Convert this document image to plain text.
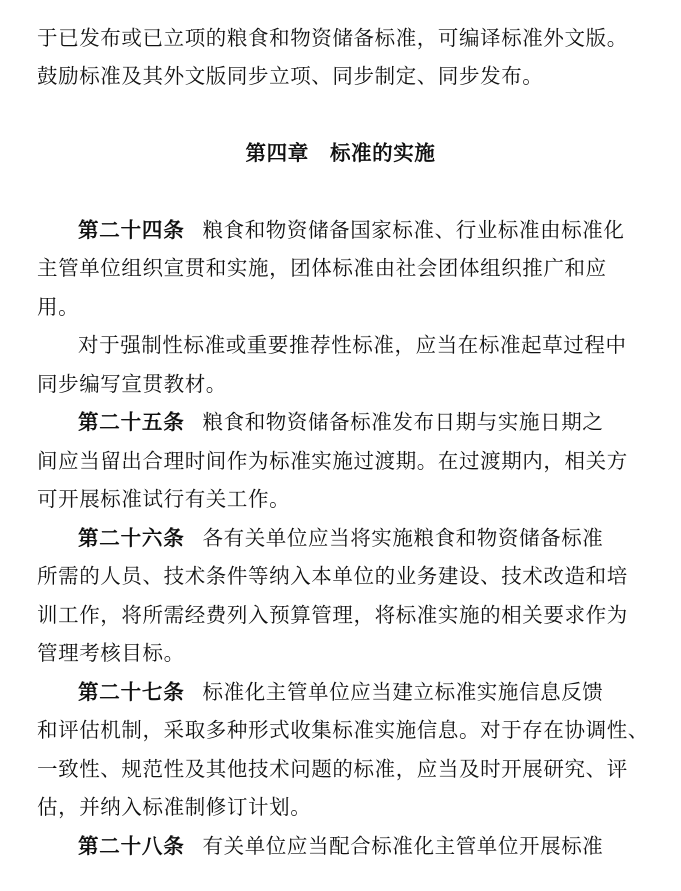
于已发布或已立项的粮食和物资储备标准，可编译标准外文版。
鼓励标准及其外文版同步立项、同步制定、同步发布。
第四章　标准的实施
第二十四条 粮食和物资储备国家标准、行业标准由标准化
主管单位组织宣贯和实施，团体标准由社会团体组织推广和应
用。
对于强制性标准或重要推荐性标准，应当在标准起草过程中
同步编写宣贯教材。
第二十五条 粮食和物资储备标准发布日期与实施日期之
间应当留出合理时间作为标准实施过渡期。在过渡期内，相关方
可开展标准试行有关工作。
第二十六条 各有关单位应当将实施粮食和物资储备标准
所需的人员、技术条件等纳入本单位的业务建设、技术改造和培
训工作，将所需经费列入预算管理，将标准实施的相关要求作为
管理考核目标。
第二十七条 标准化主管单位应当建立标准实施信息反馈
和评估机制，采取多种形式收集标准实施信息。对于存在协调性、
一致性、规范性及其他技术问题的标准，应当及时开展研究、评
估，并纳入标准制修订计划。
第二十八条 有关单位应当配合标准化主管单位开展标准
